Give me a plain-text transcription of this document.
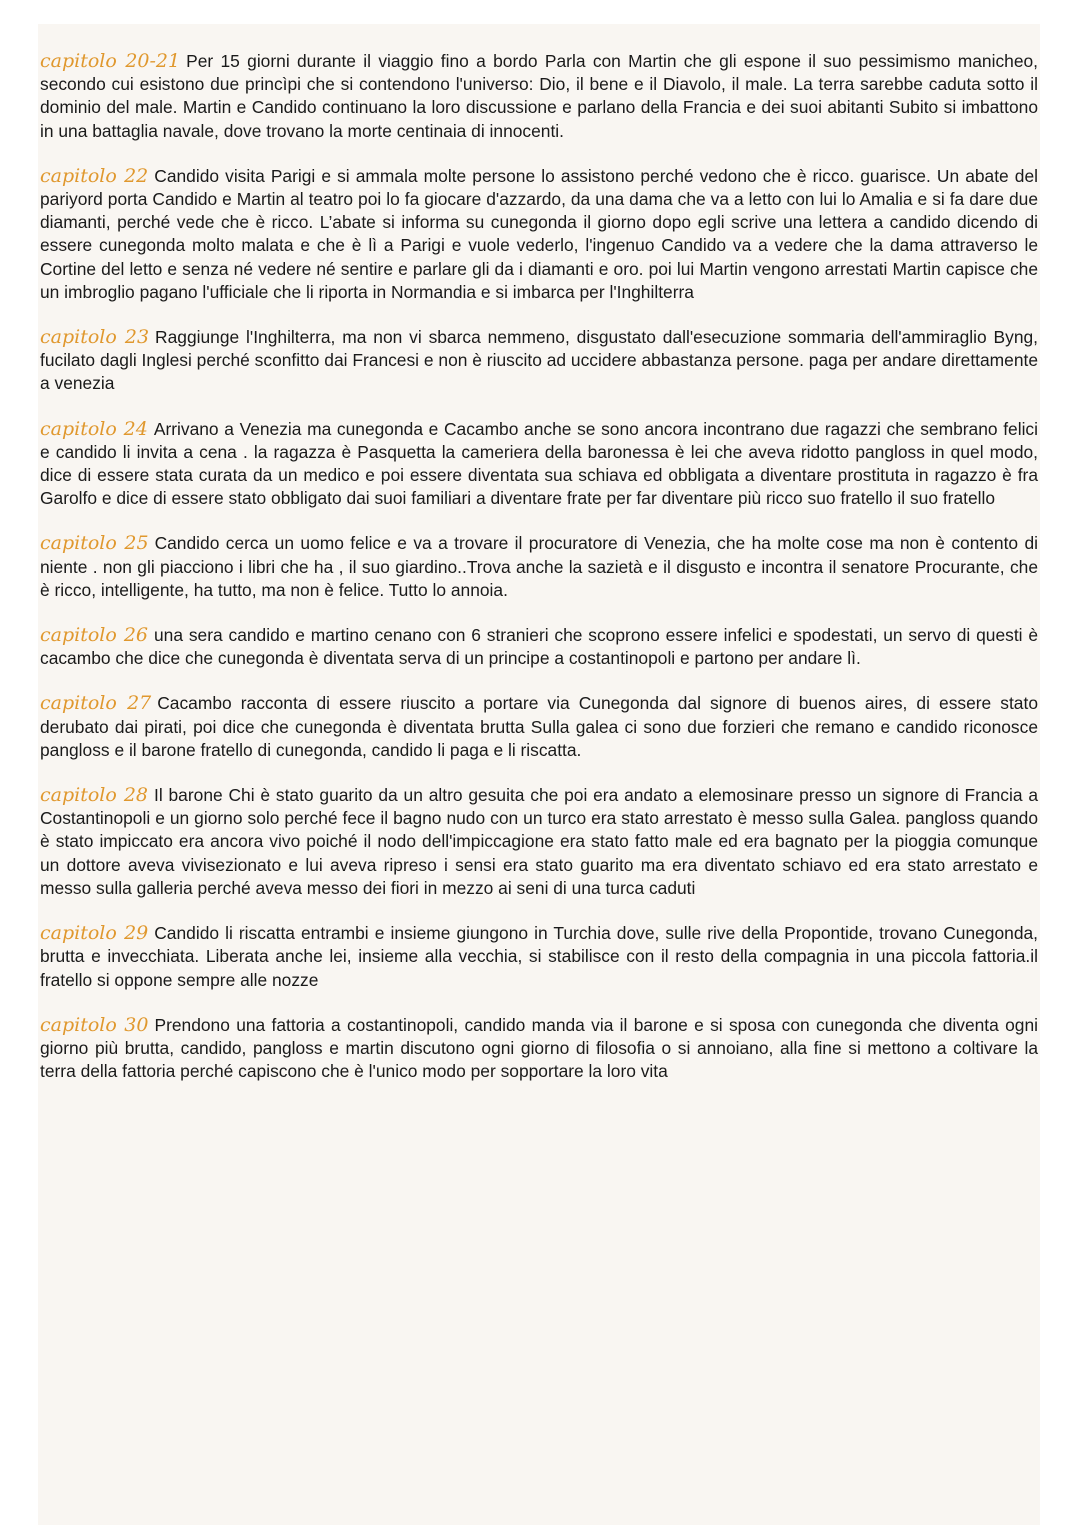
capitolo 20-21 Per 15 giorni durante il viaggio fino a bordo Parla con Martin che gli espone il suo pessimismo manicheo, secondo cui esistono due princìpi che si contendono l'universo: Dio, il bene e il Diavolo, il male. La terra sarebbe caduta sotto il dominio del male. Martin e Candido continuano la loro discussione e parlano della Francia e dei suoi abitanti Subito si imbattono in una battaglia navale, dove trovano la morte centinaia di innocenti.

capitolo 22 Candido visita Parigi e si ammala molte persone lo assistono perché vedono che è ricco. guarisce. Un abate del pariyord porta Candido e Martin al teatro poi lo fa giocare d'azzardo, da una dama che va a letto con lui lo Amalia e si fa dare due diamanti, perché vede che è ricco. L’abate si informa su cunegonda il giorno dopo egli scrive una lettera a candido dicendo di essere cunegonda molto malata e che è lì a Parigi e vuole vederlo, l'ingenuo Candido va a vedere che la dama attraverso le Cortine del letto e senza né vedere né sentire e parlare gli da i diamanti e oro. poi lui Martin vengono arrestati Martin capisce che un imbroglio pagano l'ufficiale che li riporta in Normandia e si imbarca per l'Inghilterra

capitolo 23 Raggiunge l'Inghilterra, ma non vi sbarca nemmeno, disgustato dall'esecuzione sommaria dell'ammiraglio Byng, fucilato dagli Inglesi perché sconfitto dai Francesi e non è riuscito ad uccidere abbastanza persone. paga per andare direttamente a venezia

capitolo 24 Arrivano a Venezia ma cunegonda e Cacambo anche se sono ancora incontrano due ragazzi che sembrano felici e candido li invita a cena . la ragazza è Pasquetta la cameriera della baronessa è lei che aveva ridotto pangloss in quel modo, dice di essere stata curata da un medico e poi essere diventata sua schiava ed obbligata a diventare prostituta in ragazzo è fra Garolfo e dice di essere stato obbligato dai suoi familiari a diventare frate per far diventare più ricco suo fratello il suo fratello

capitolo 25 Candido cerca un uomo felice e va a trovare il procuratore di Venezia, che ha molte cose ma non è contento di niente . non gli piacciono i libri che ha , il suo giardino..Trova anche la sazietà e il disgusto e incontra il senatore Procurante, che è ricco, intelligente, ha tutto, ma non è felice. Tutto lo annoia.

capitolo 26 una sera candido e martino cenano con 6 stranieri che scoprono essere infelici e spodestati, un servo di questi è cacambo che dice che cunegonda è diventata serva di un principe a costantinopoli e partono per andare lì.

capitolo 27 Cacambo racconta di essere riuscito a portare via Cunegonda dal signore di buenos aires, di essere stato derubato dai pirati, poi dice che cunegonda è diventata brutta Sulla galea ci sono due forzieri che remano e candido riconosce pangloss e il barone fratello di cunegonda, candido li paga e li riscatta.

capitolo 28 Il barone Chi è stato guarito da un altro gesuita che poi era andato a elemosinare presso un signore di Francia a Costantinopoli e un giorno solo perché fece il bagno nudo con un turco era stato arrestato è messo sulla Galea. pangloss quando è stato impiccato era ancora vivo poiché il nodo dell'impiccagione era stato fatto male ed era bagnato per la pioggia comunque un dottore aveva vivisezionato e lui aveva ripreso i sensi era stato guarito ma era diventato schiavo ed era stato arrestato e messo sulla galleria perché aveva messo dei fiori in mezzo ai seni di una turca caduti

capitolo 29 Candido li riscatta entrambi e insieme giungono in Turchia dove, sulle rive della Propontide, trovano Cunegonda, brutta e invecchiata. Liberata anche lei, insieme alla vecchia, si stabilisce con il resto della compagnia in una piccola fattoria.il fratello si oppone sempre alle nozze

capitolo 30 Prendono una fattoria a costantinopoli, candido manda via il barone e si sposa con cunegonda che diventa ogni giorno più brutta, candido, pangloss e martin discutono ogni giorno di filosofia o si annoiano, alla fine si mettono a coltivare la terra della fattoria perché capiscono che è l'unico modo per sopportare la loro vita
